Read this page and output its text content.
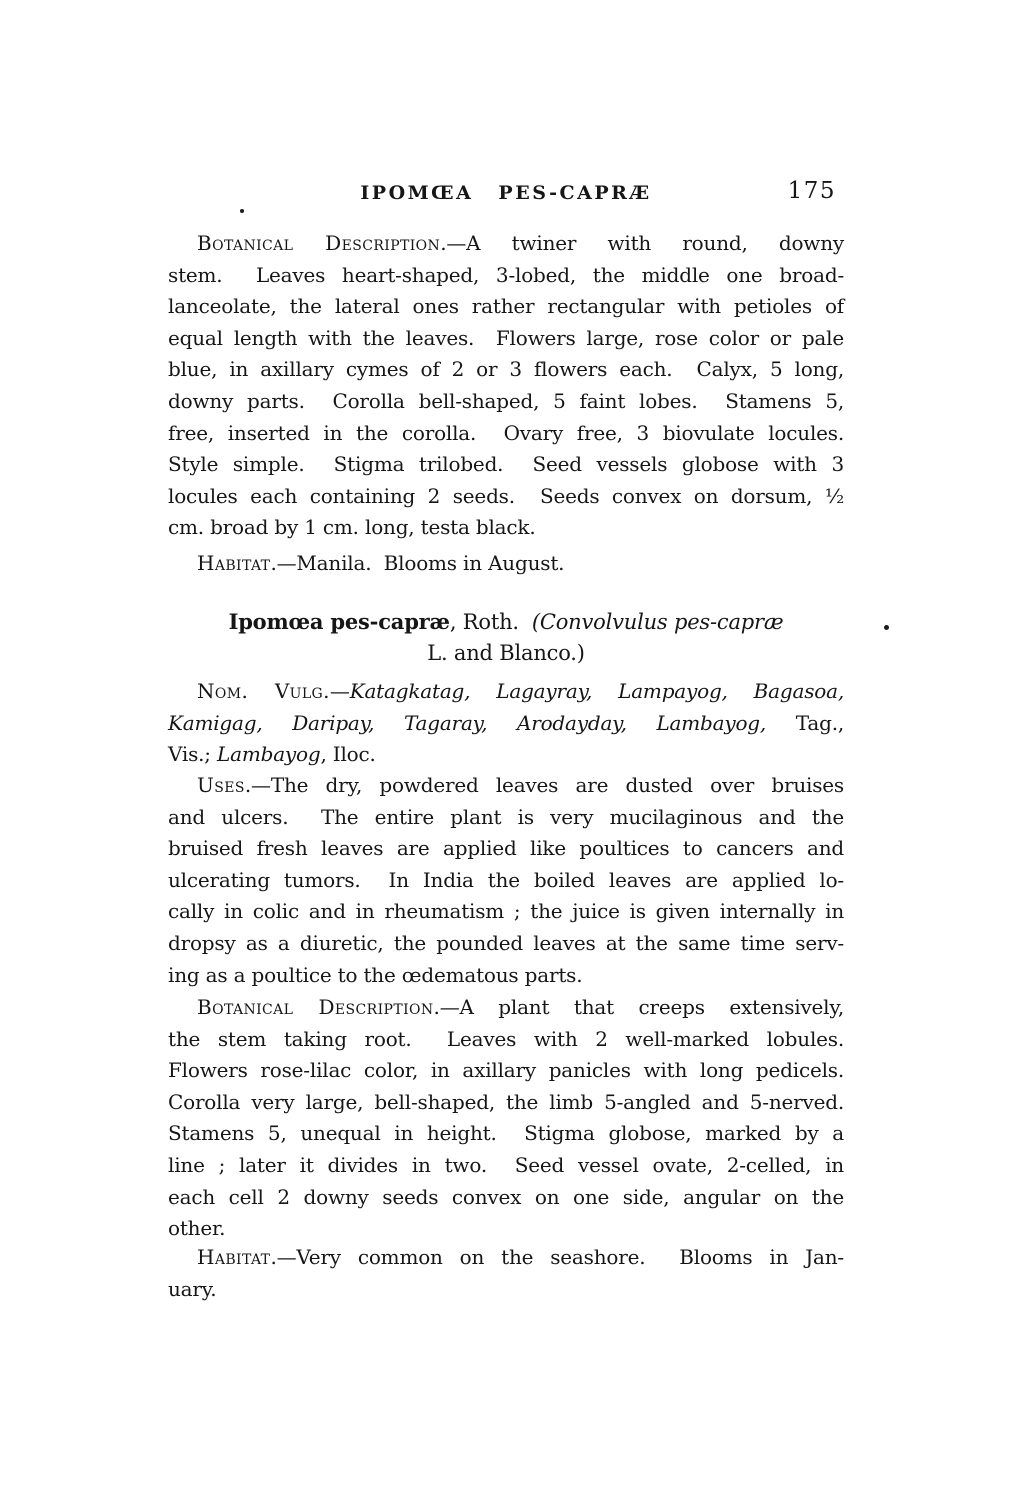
IPOMŒA PES-CAPRÆ	175
Botanical Description.—A twiner with round, downy
stem.  Leaves heart-shaped, 3-lobed, the middle one broad-
lanceolate, the lateral ones rather rectangular with petioles of
equal length with the leaves.  Flowers large, rose color or pale
blue, in axillary cymes of 2 or 3 flowers each.  Calyx, 5 long,
downy parts.  Corolla bell-shaped, 5 faint lobes.  Stamens 5,
free, inserted in the corolla.  Ovary free, 3 biovulate locules.
Style simple.  Stigma trilobed.  Seed vessels globose with 3
locules each containing 2 seeds.  Seeds convex on dorsum, ½
cm. broad by 1 cm. long, testa black.
Habitat.—Manila.  Blooms in August.
Ipomœa pes-capræ, Roth.  (Convolvulus pes-capræ
L. and Blanco.)
Nom. Vulg.—Katagkatag, Lagayray, Lampayog, Bagasoa,
Kamigag, Daripay, Tagaray, Arodayday, Lambayog, Tag.,
Vis.; Lambayog, Iloc.
Uses.—The dry, powdered leaves are dusted over bruises
and ulcers.  The entire plant is very mucilaginous and the
bruised fresh leaves are applied like poultices to cancers and
ulcerating tumors.  In India the boiled leaves are applied lo-
cally in colic and in rheumatism ; the juice is given internally in
dropsy as a diuretic, the pounded leaves at the same time serv-
ing as a poultice to the œdematous parts.
Botanical Description.—A plant that creeps extensively,
the stem taking root.  Leaves with 2 well-marked lobules.
Flowers rose-lilac color, in axillary panicles with long pedicels.
Corolla very large, bell-shaped, the limb 5-angled and 5-nerved.
Stamens 5, unequal in height.  Stigma globose, marked by a
line ; later it divides in two.  Seed vessel ovate, 2-celled, in
each cell 2 downy seeds convex on one side, angular on the
other.
Habitat.—Very common on the seashore.  Blooms in Jan-
uary.
